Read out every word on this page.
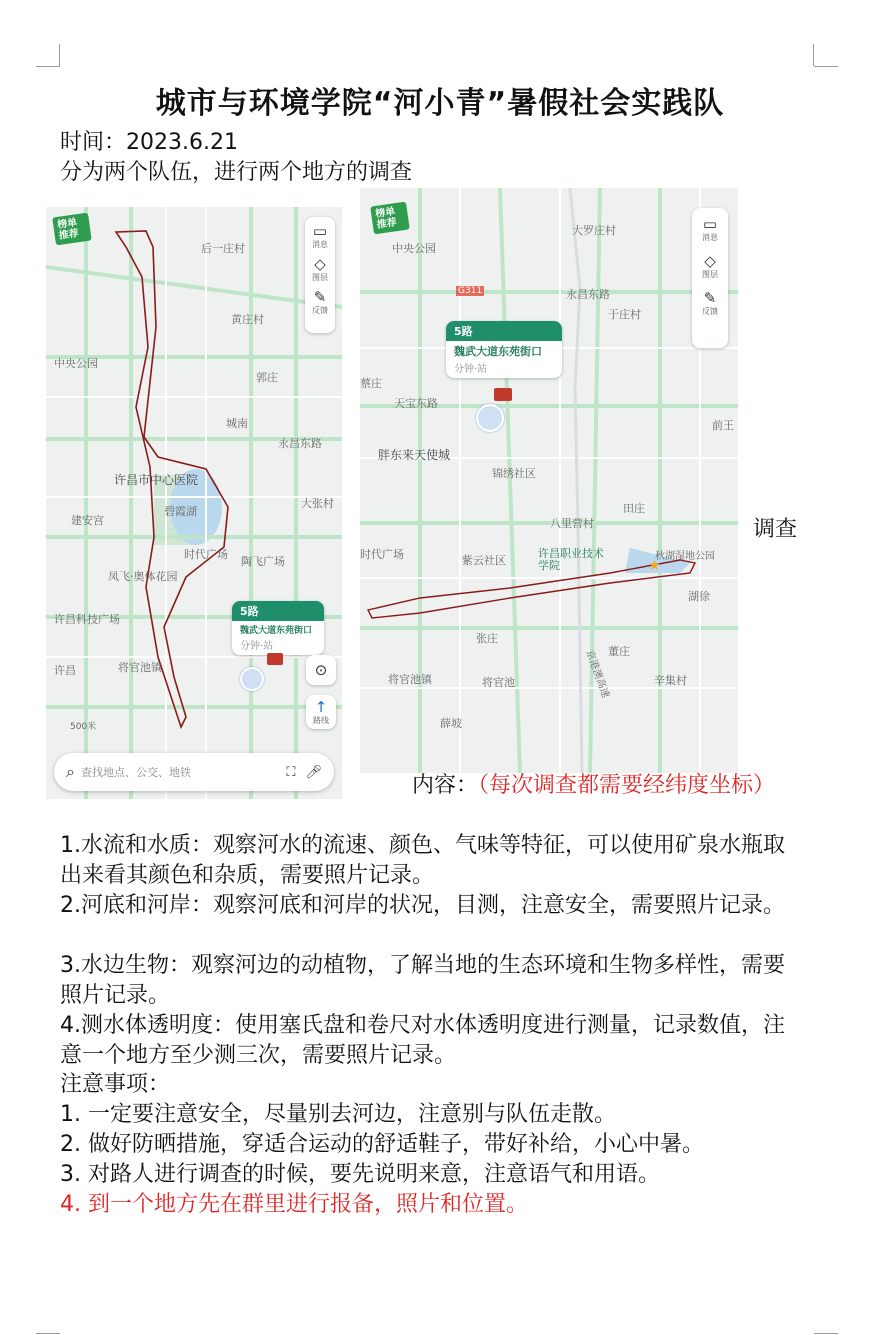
城市与环境学院“河小青”暑假社会实践队
时间：2023.6.21
分为两个队伍，进行两个地方的调查
榜单推荐
后一庄村
黄庄村
中央公园
郭庄
城南
永昌东路
许昌市中心医院
碧霞湖
建安宫
大张村
时代广场
陶飞广场
凤飞·奥体花园
许昌科技广场
许昌	将官池镇
▭
消息
◇
图层
✎
反馈
5路
魏武大道东苑街口
分钟·站
⊙
↑
路线
500米
⌕ 查找地点、公交、地铁	⛶ 🎤︎
榜单推荐	大罗庄村
中央公园
永昌东路
于庄村
天宝东路
胖东来天使城
锦绣社区
八里营村
田庄
紫云社区
许昌职业技术学院
秋湖湿地公园
湖徐
张庄
董庄
将官池镇	将官池	辛集村
薛坡
前王
时代广场
蔡庄
▭
消息
◇
图层
✎
反馈
5路
魏武大道东苑街口
分钟·站
★
G311
京港澳高速
调查
内容：（每次调查都需要经纬度坐标）
1.水流和水质：观察河水的流速、颜色、气味等特征，可以使用矿泉水瓶取出来看其颜色和杂质，需要照片记录。
2.河底和河岸：观察河底和河岸的状况，目测，注意安全，需要照片记录。
3.水边生物：观察河边的动植物，了解当地的生态环境和生物多样性，需要照片记录。
4.测水体透明度：使用塞氏盘和卷尺对水体透明度进行测量，记录数值，注意一个地方至少测三次，需要照片记录。
注意事项：
1. 一定要注意安全，尽量别去河边，注意别与队伍走散。
2. 做好防晒措施，穿适合运动的舒适鞋子，带好补给，小心中暑。
3. 对路人进行调查的时候，要先说明来意，注意语气和用语。
4. 到一个地方先在群里进行报备，照片和位置。
